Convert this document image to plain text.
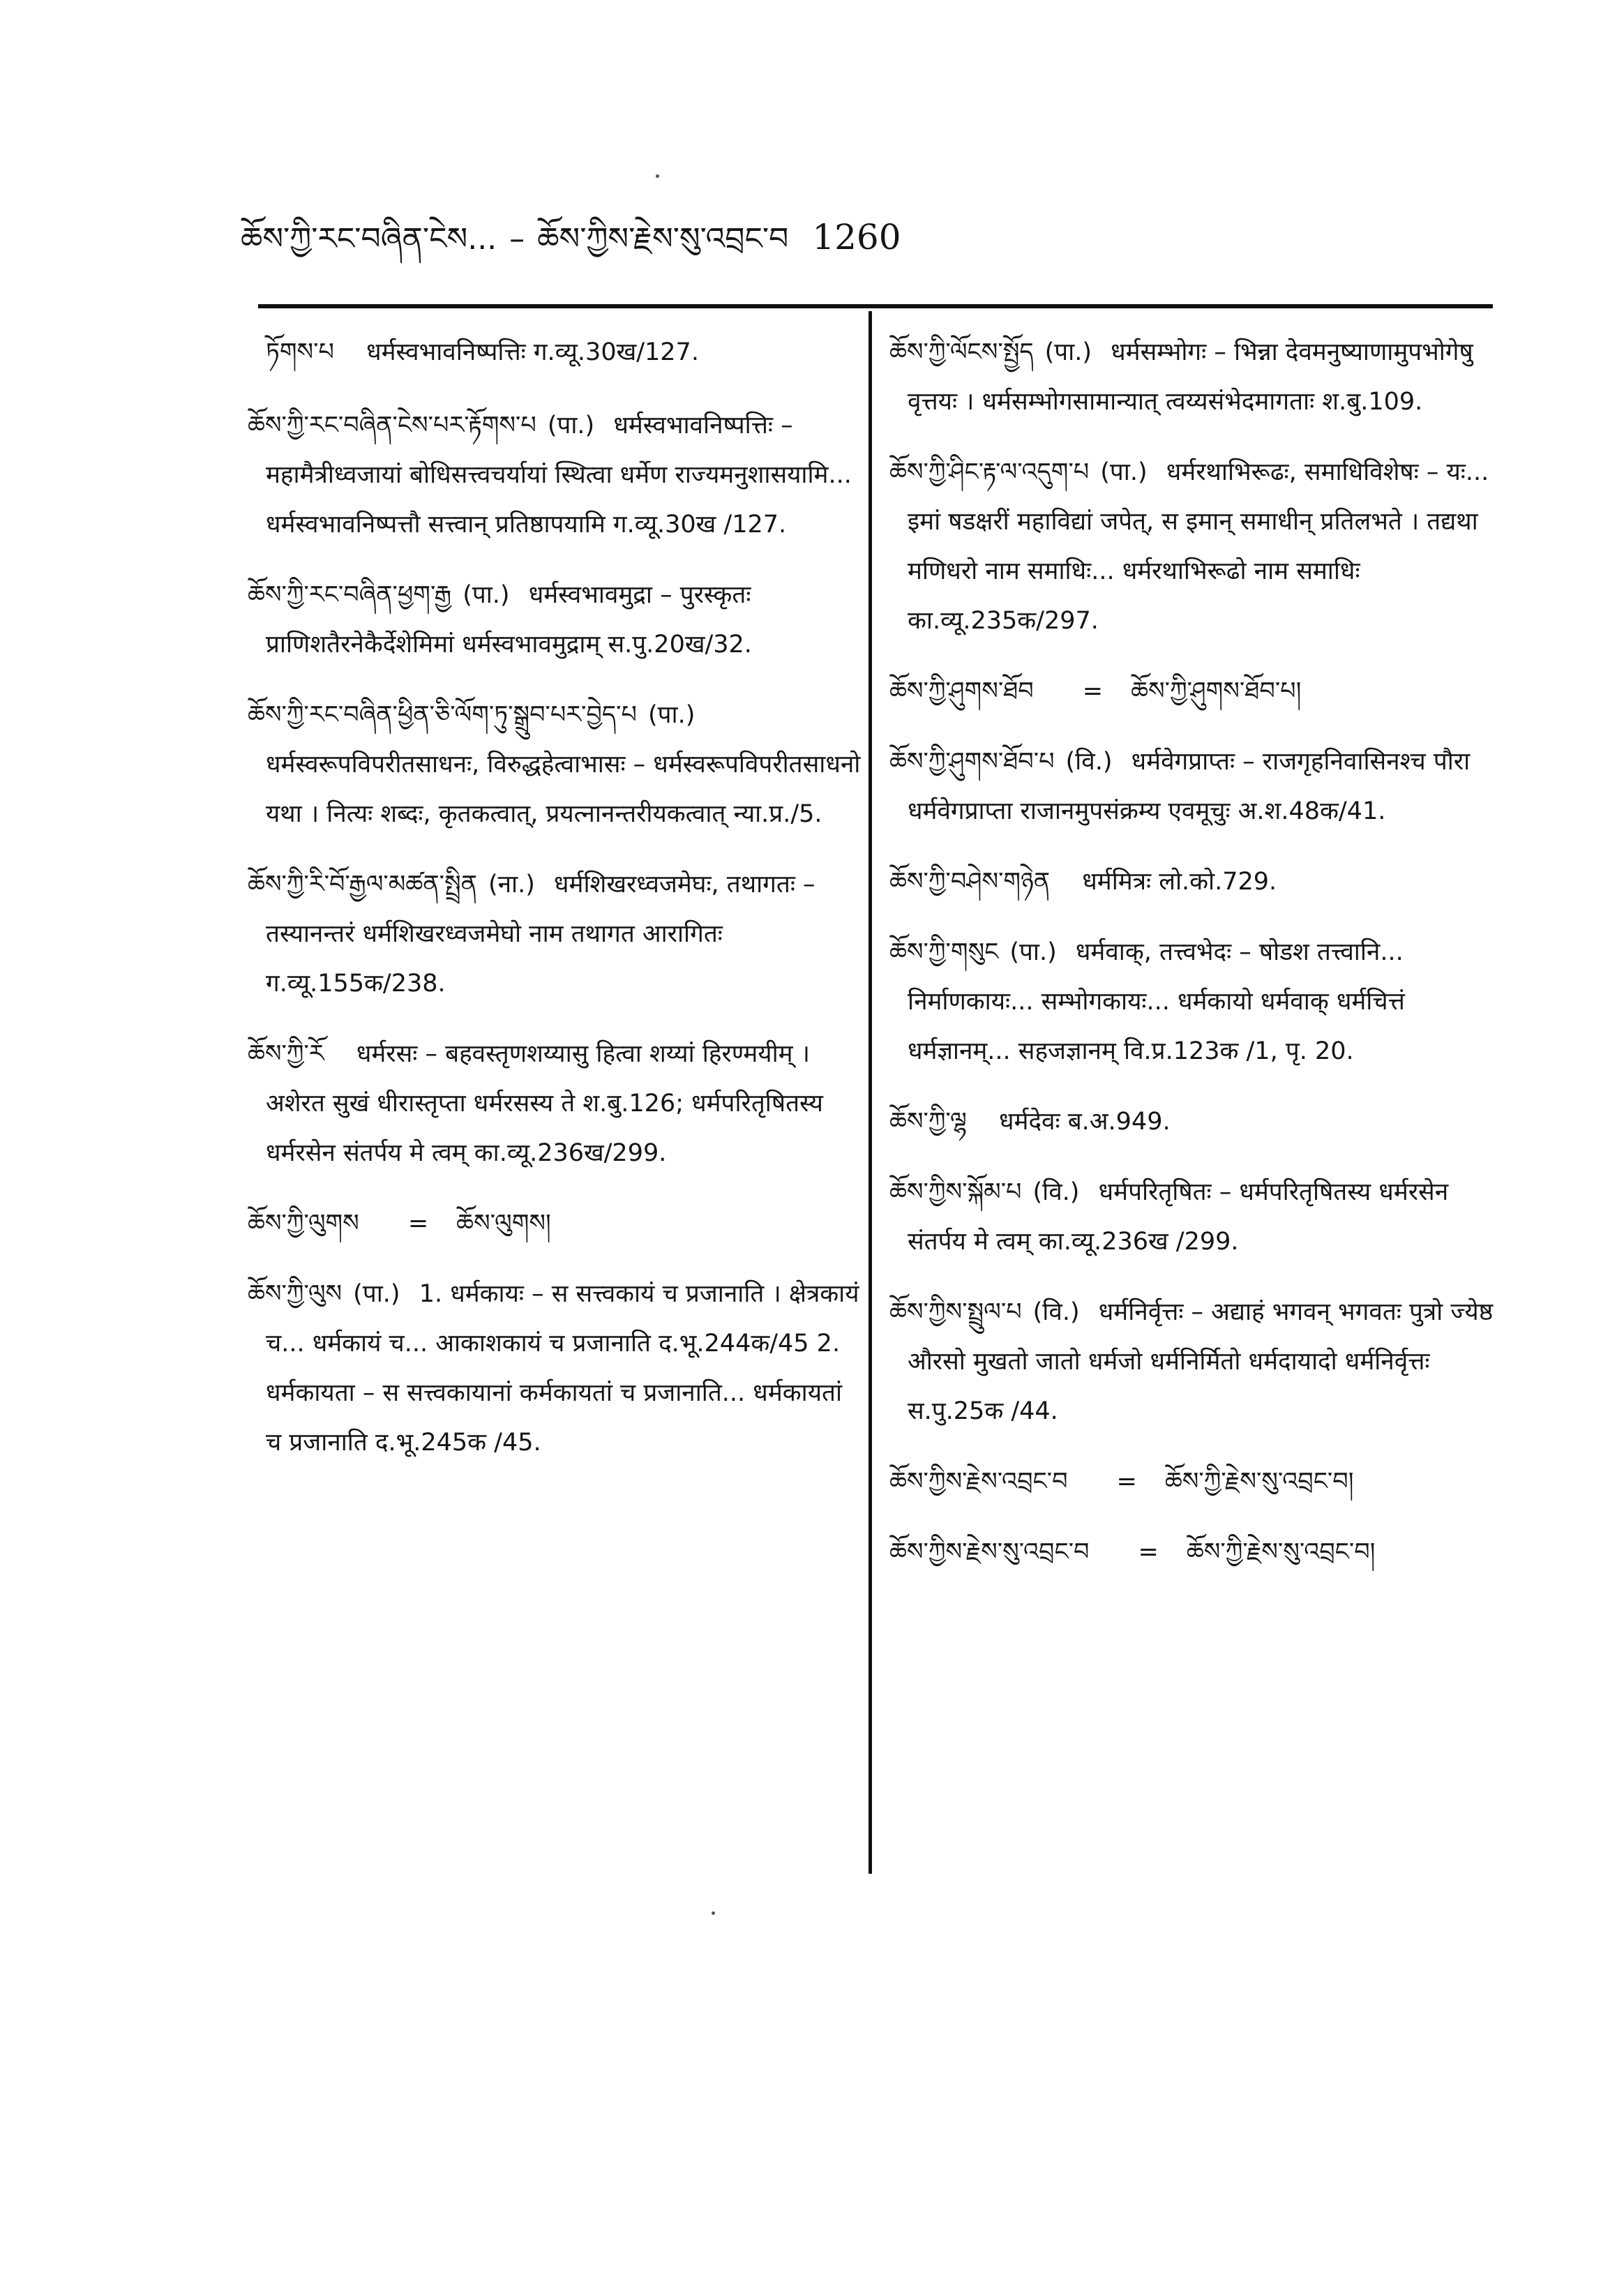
ཆོས་ཀྱི་རང་བཞིན་ངེས... – ཆོས་ཀྱིས་རྗེས་སུ་འབྲང་བ 1260
ཏོགས་པ  धर्मस्वभावनिष्पत्तिः ग.व्यू.30ख/127.
ཆོས་ཀྱི་རང་བཞིན་ངེས་པར་རྟོགས་པ (पा.) धर्मस्वभावनिष्पत्तिः – महामैत्रीध्वजायां बोधिसत्त्वचर्यायां स्थित्वा धर्मेण राज्यमनुशासयामि... धर्मस्वभावनिष्पत्तौ सत्त्वान् प्रतिष्ठापयामि ग.व्यू.30ख /127.
ཆོས་ཀྱི་རང་བཞིན་ཕྱག་རྒྱ (पा.) धर्मस्वभावमुद्रा – पुरस्कृतः प्राणिशतैरनेकैर्देशेमिमां धर्मस्वभावमुद्राम् स.पु.20ख/32.
ཆོས་ཀྱི་རང་བཞིན་ཕྱིན་ཅི་ལོག་ཏུ་སྒྲུབ་པར་བྱེད་པ (पा.) धर्मस्वरूपविपरीतसाधनः, विरुद्धहेत्वाभासः – धर्मस्वरूपविपरीतसाधनो यथा । नित्यः शब्दः, कृतकत्वात्, प्रयत्नानन्तरीयकत्वात् न्या.प्र./5.
ཆོས་ཀྱི་རི་བོ་རྒྱལ་མཚན་སྤྲིན (ना.) धर्मशिखरध्वजमेघः, तथागतः – तस्यानन्तरं धर्मशिखरध्वजमेघो नाम तथागत आरागितः ग.व्यू.155क/238.
ཆོས་ཀྱི་རོ  धर्मरसः – बहवस्तृणशय्यासु हित्वा शय्यां हिरण्मयीम् । अशेरत सुखं धीरास्तृप्ता धर्मरसस्य ते श.बु.126; धर्मपरितृषितस्य धर्मरसेन संतर्पय मे त्वम् का.व्यू.236ख/299.
ཆོས་ཀྱི་ལུགས = ཆོས་ལུགས།
ཆོས་ཀྱི་ལུས (पा.) 1. धर्मकायः – स सत्त्वकायं च प्रजानाति । क्षेत्रकायं च... धर्मकायं च... आकाशकायं च प्रजानाति द.भू.244क/45 2. धर्मकायता – स सत्त्वकायानां कर्मकायतां च प्रजानाति... धर्मकायतां च प्रजानाति द.भू.245क /45.
ཆོས་ཀྱི་ལོངས་སྤྱོད (पा.) धर्मसम्भोगः – भिन्ना देवमनुष्याणामुपभोगेषु वृत्तयः । धर्मसम्भोगसामान्यात् त्वय्यसंभेदमागताः श.बु.109.
ཆོས་ཀྱི་ཤིང་རྟ་ལ་འདུག་པ (पा.) धर्मरथाभिरूढः, समाधिविशेषः – यः... इमां षडक्षरीं महाविद्यां जपेत्, स इमान् समाधीन् प्रतिलभते । तद्यथा मणिधरो नाम समाधिः... धर्मरथाभिरूढो नाम समाधिः का.व्यू.235क/297.
ཆོས་ཀྱི་ཤུགས་ཐོབ = ཆོས་ཀྱི་ཤུགས་ཐོབ་པ།
ཆོས་ཀྱི་ཤུགས་ཐོབ་པ (वि.) धर्मवेगप्राप्तः – राजगृहनिवासिनश्च पौरा धर्मवेगप्राप्ता राजानमुपसंक्रम्य एवमूचुः अ.श.48क/41.
ཆོས་ཀྱི་བཤེས་གཉེན  धर्ममित्रः लो.को.729.
ཆོས་ཀྱི་གསུང (पा.) धर्मवाक्, तत्त्वभेदः – षोडश तत्त्वानि... निर्माणकायः... सम्भोगकायः... धर्मकायो धर्मवाक् धर्मचित्तं धर्मज्ञानम्... सहजज्ञानम् वि.प्र.123क /1, पृ. 20.
ཆོས་ཀྱི་ལྷ  धर्मदेवः ब.अ.949.
ཆོས་ཀྱིས་སྐོམ་པ (वि.) धर्मपरितृषितः – धर्मपरितृषितस्य धर्मरसेन संतर्पय मे त्वम् का.व्यू.236ख /299.
ཆོས་ཀྱིས་སྤྲུལ་པ (वि.) धर्मनिर्वृत्तः – अद्याहं भगवन् भगवतः पुत्रो ज्येष्ठ औरसो मुखतो जातो धर्मजो धर्मनिर्मितो धर्मदायादो धर्मनिर्वृत्तः स.पु.25क /44.
ཆོས་ཀྱིས་རྗེས་འབྲང་བ = ཆོས་ཀྱི་རྗེས་སུ་འབྲང་བ།
ཆོས་ཀྱིས་རྗེས་སུ་འབྲང་བ = ཆོས་ཀྱི་རྗེས་སུ་འབྲང་བ།
